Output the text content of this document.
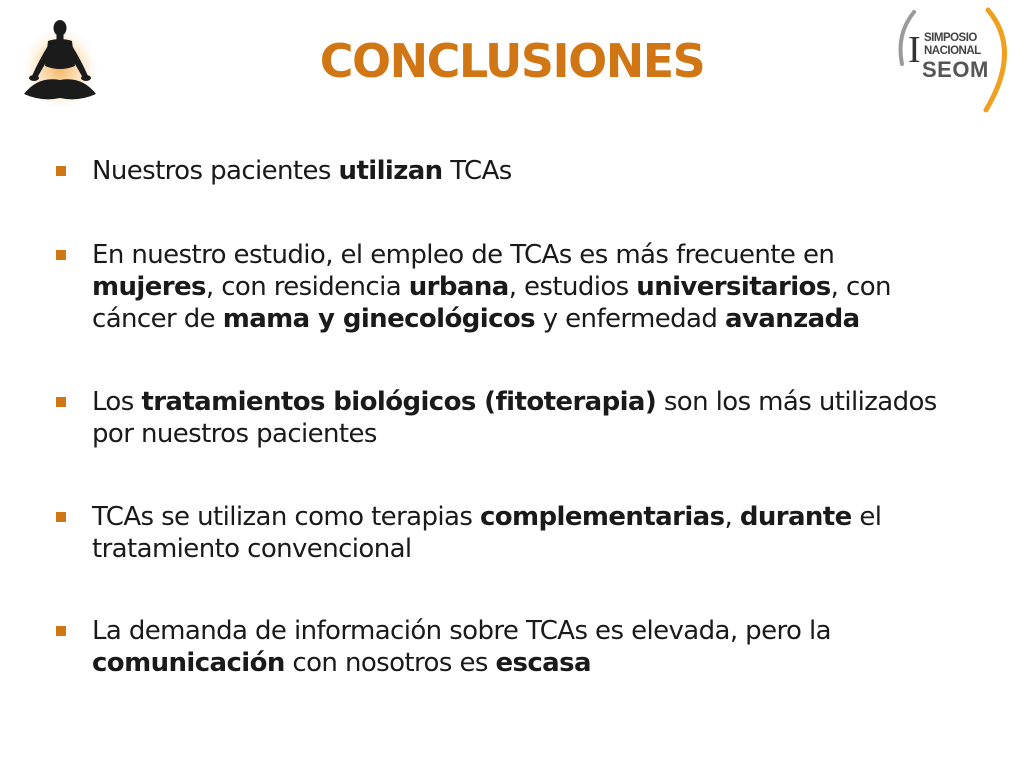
CONCLUSIONES	I SIMPOSIO
NACIONAL
SEOM
Nuestros pacientes utilizan TCAs
En nuestro estudio, el empleo de TCAs es más frecuente en
mujeres, con residencia urbana, estudios universitarios, con
cáncer de mama y ginecológicos y enfermedad avanzada
Los tratamientos biológicos (fitoterapia) son los más utilizados
por nuestros pacientes
TCAs se utilizan como terapias complementarias, durante el
tratamiento convencional
La demanda de información sobre TCAs es elevada, pero la
comunicación con nosotros es escasa
